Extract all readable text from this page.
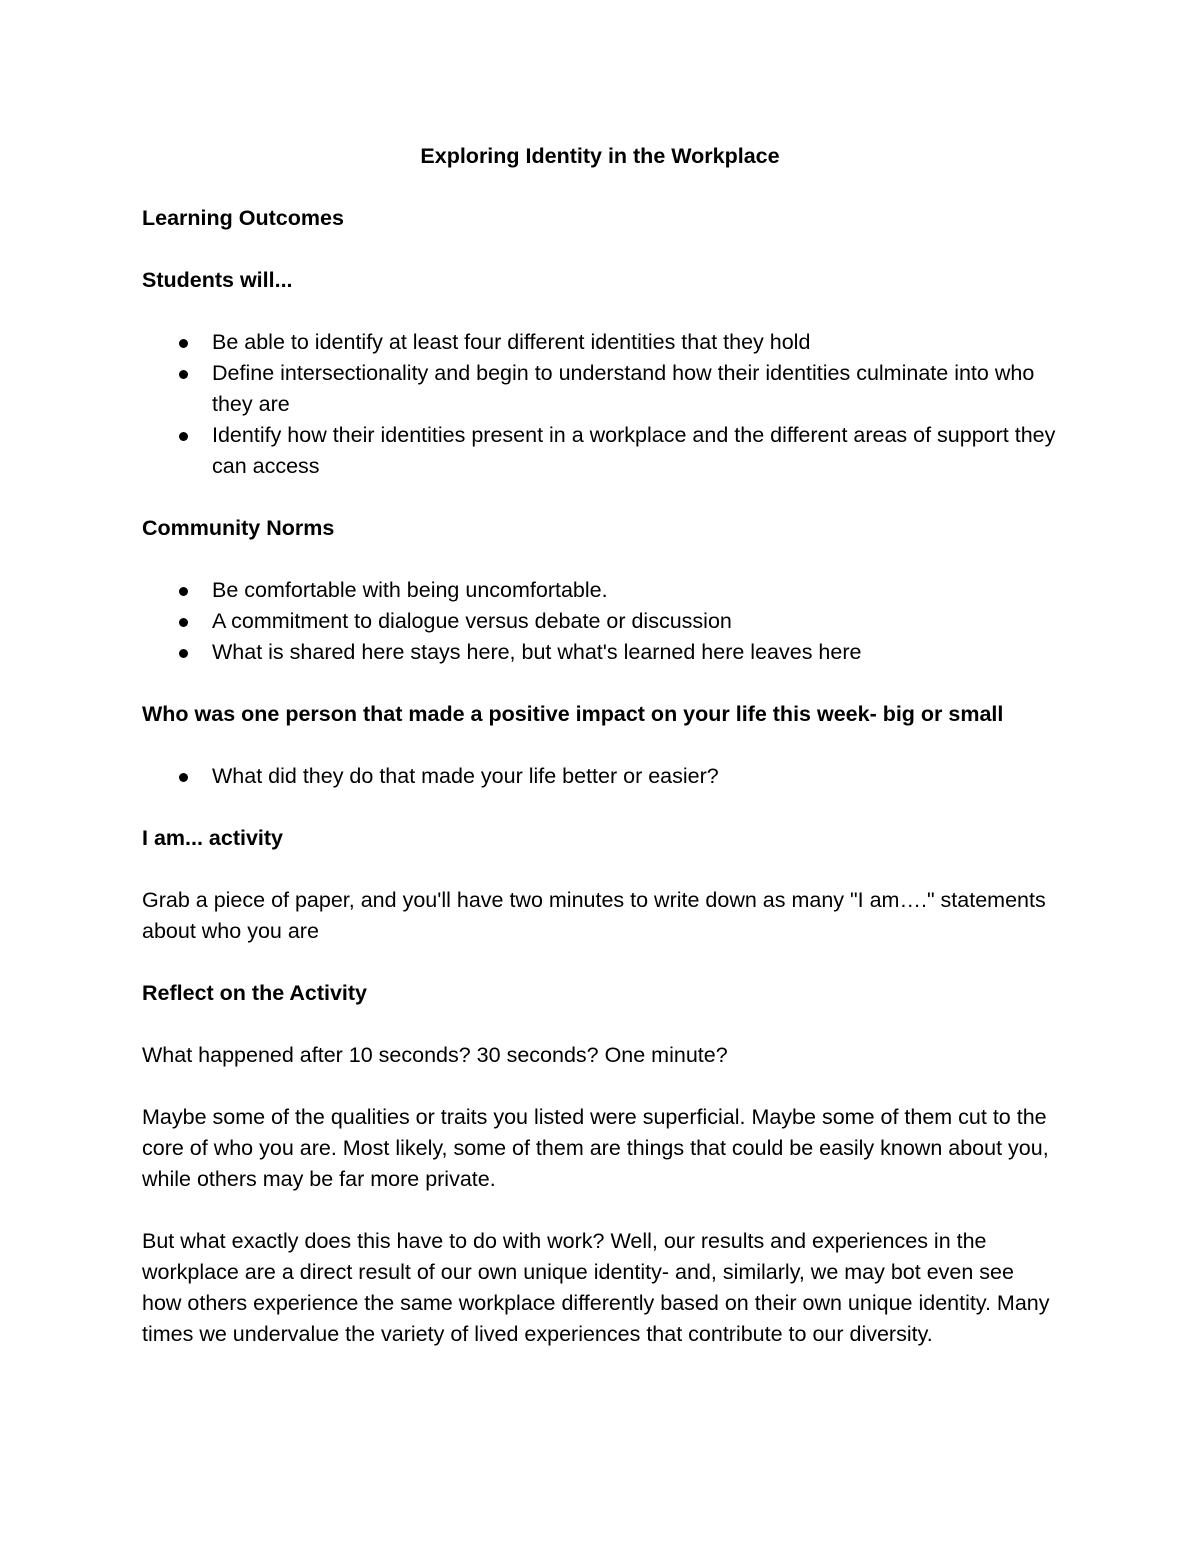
Exploring Identity in the Workplace
Learning Outcomes
Students will...
Be able to identify at least four different identities that they hold
Define intersectionality and begin to understand how their identities culminate into who they are
Identify how their identities present in a workplace and the different areas of support they can access
Community Norms
Be comfortable with being uncomfortable.
A commitment to dialogue versus debate or discussion
What is shared here stays here, but what's learned here leaves here
Who was one person that made a positive impact on your life this week- big or small
What did they do that made your life better or easier?
I am... activity

Grab a piece of paper, and you'll have two minutes to write down as many "I am…." statements about who you are

Reflect on the Activity

What happened after 10 seconds? 30 seconds? One minute?

Maybe some of the qualities or traits you listed were superficial. Maybe some of them cut to the core of who you are. Most likely, some of them are things that could be easily known about you, while others may be far more private.

But what exactly does this have to do with work? Well, our results and experiences in the workplace are a direct result of our own unique identity- and, similarly, we may bot even see how others experience the same workplace differently based on their own unique identity. Many times we undervalue the variety of lived experiences that contribute to our diversity.
